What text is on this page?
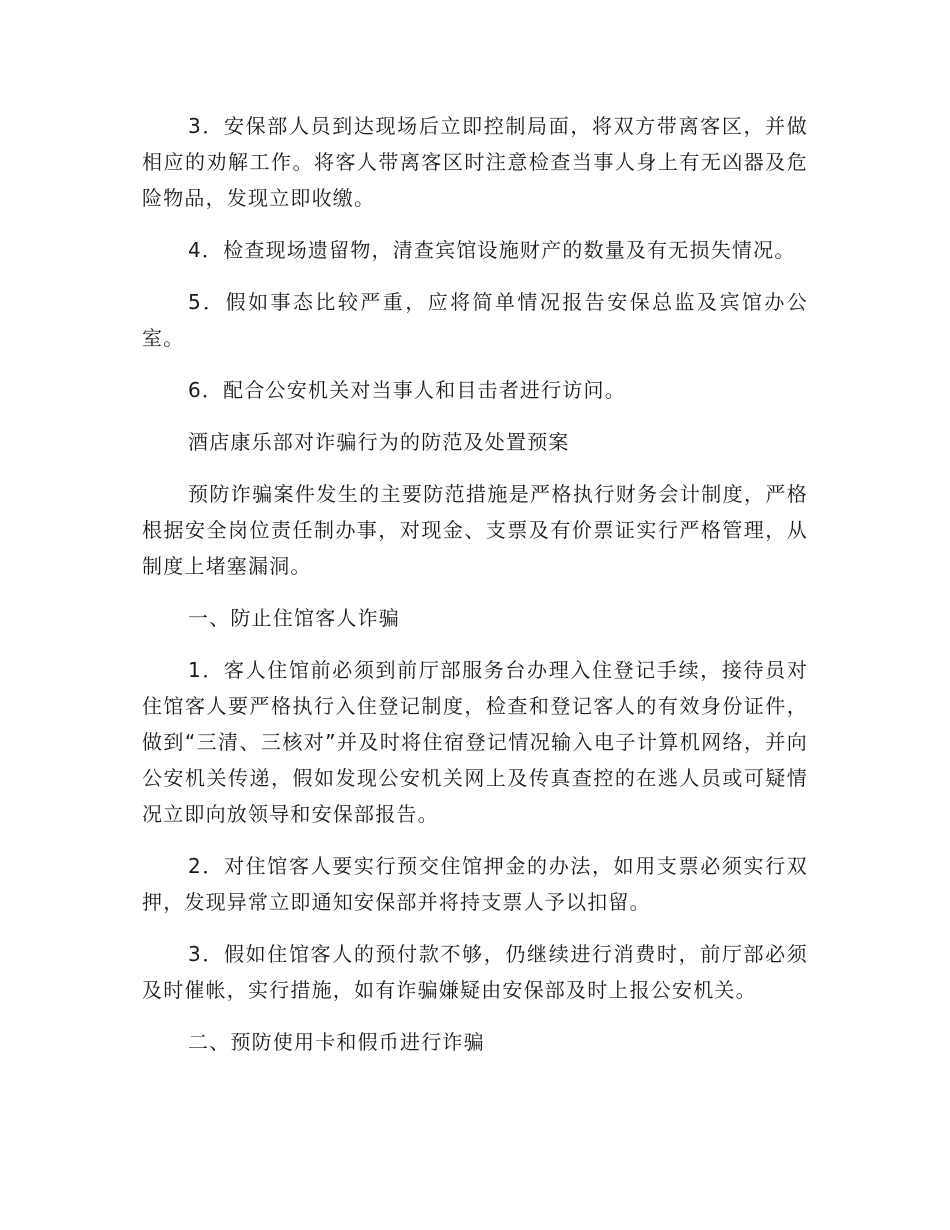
3．安保部人员到达现场后立即控制局面，将双方带离客区，并做相应的劝解工作。将客人带离客区时注意检查当事人身上有无凶器及危险物品，发现立即收缴。

4．检查现场遗留物，清查宾馆设施财产的数量及有无损失情况。

5．假如事态比较严重，应将简单情况报告安保总监及宾馆办公室。

6．配合公安机关对当事人和目击者进行访问。

酒店康乐部对诈骗行为的防范及处置预案

预防诈骗案件发生的主要防范措施是严格执行财务会计制度，严格根据安全岗位责任制办事，对现金、支票及有价票证实行严格管理，从制度上堵塞漏洞。

一、防止住馆客人诈骗

1．客人住馆前必须到前厅部服务台办理入住登记手续，接待员对住馆客人要严格执行入住登记制度，检查和登记客人的有效身份证件，做到“三清、三核对”并及时将住宿登记情况输入电子计算机网络，并向公安机关传递，假如发现公安机关网上及传真查控的在逃人员或可疑情况立即向放领导和安保部报告。

2．对住馆客人要实行预交住馆押金的办法，如用支票必须实行双押，发现异常立即通知安保部并将持支票人予以扣留。

3．假如住馆客人的预付款不够，仍继续进行消费时，前厅部必须及时催帐，实行措施，如有诈骗嫌疑由安保部及时上报公安机关。

二、预防使用卡和假币进行诈骗
